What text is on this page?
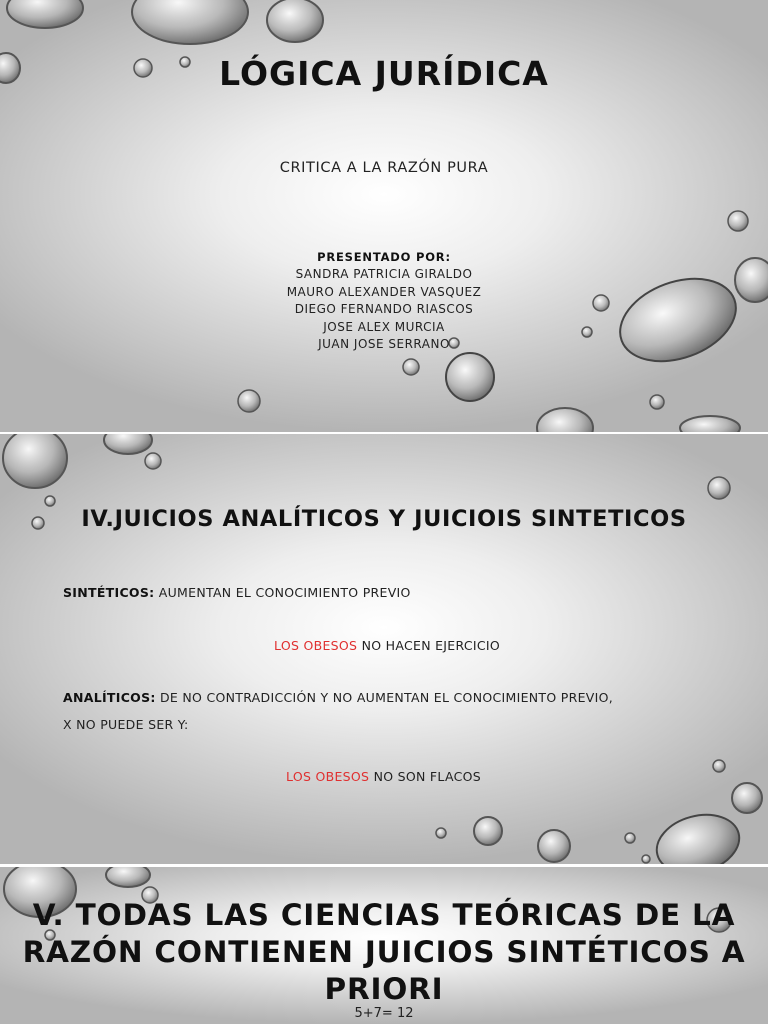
LÓGICA JURÍDICA

CRITICA A LA RAZÓN PURA

PRESENTADO POR:

SANDRA PATRICIA GIRALDO
MAURO ALEXANDER VASQUEZ
DIEGO FERNANDO RIASCOS
JOSE ALEX MURCIA
JUAN JOSE SERRANO
IV.JUICIOS ANALÍTICOS Y JUICIOIS SINTETICOS

SINTÉTICOS: AUMENTAN EL CONOCIMIENTO PREVIO

LOS OBESOS NO HACEN EJERCICIO

ANALÍTICOS: DE NO CONTRADICCIÓN Y NO AUMENTAN EL CONOCIMIENTO PREVIO,

X NO PUEDE SER Y:

LOS OBESOS NO SON FLACOS

V. TODAS LAS CIENCIAS TEÓRICAS DE LA RAZÓN CONTIENEN JUICIOS SINTÉTICOS A PRIORI

5+7= 12
